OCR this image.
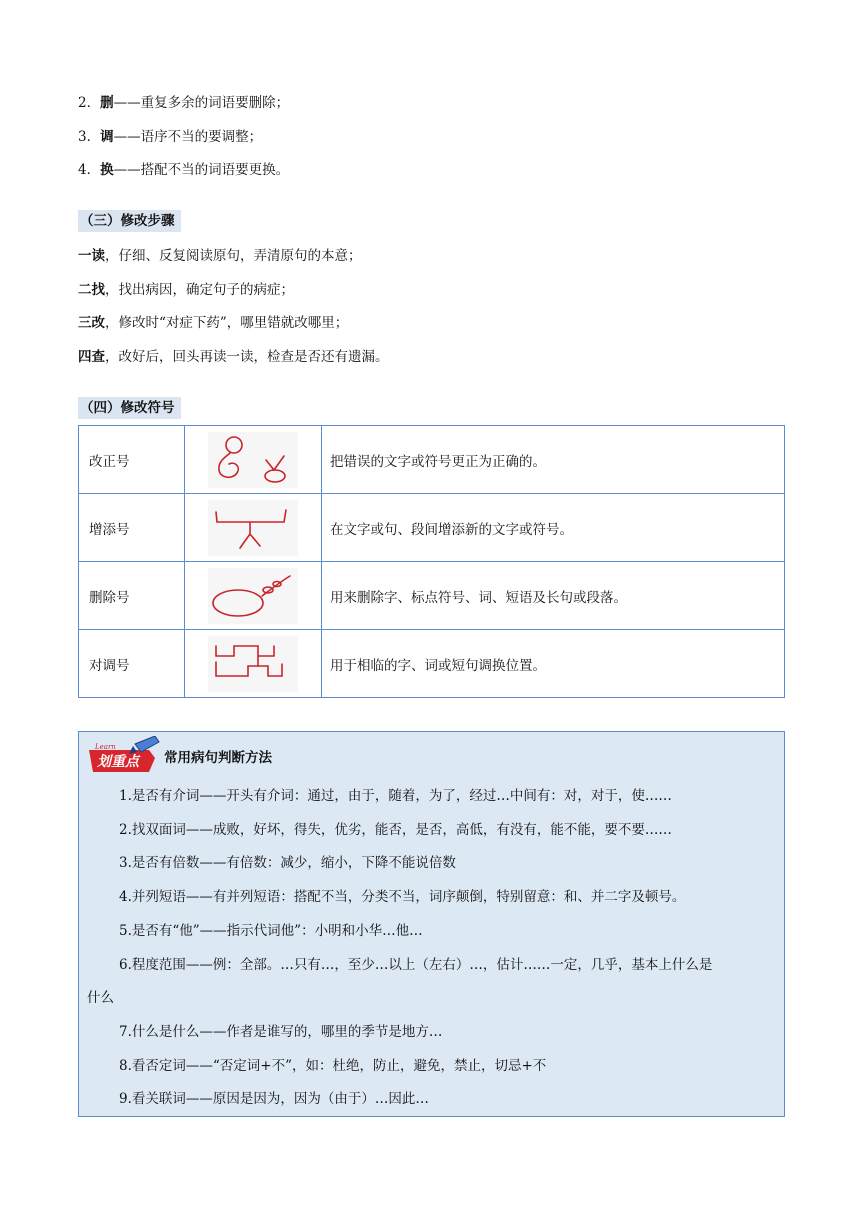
2．删——重复多余的词语要删除；
3．调——语序不当的要调整；
4．换——搭配不当的词语要更换。
（三）修改步骤
一读，仔细、反复阅读原句，弄清原句的本意；
二找，找出病因，确定句子的病症；
三改，修改时“对症下药”，哪里错就改哪里；
四查，改好后，回头再读一读，检查是否还有遗漏。
（四）修改符号
改正号		把错误的文字或符号更正为正确的。
增添号		在文字或句、段间增添新的文字或符号。
删除号		用来删除字、标点符号、词、短语及长句或段落。
对调号		用于相临的字、词或短句调换位置。
Learn
划重点 常用病句判断方法
1.是否有介词——开头有介词：通过，由于，随着，为了，经过…中间有：对，对于，使……
2.找双面词——成败，好坏，得失，优劣，能否，是否，高低，有没有，能不能，要不要……
3.是否有倍数——有倍数：减少，缩小，下降不能说倍数
4.并列短语——有并列短语：搭配不当，分类不当，词序颠倒，特别留意：和、并二字及顿号。
5.是否有“他”——指示代词他”：小明和小华…他…
6.程度范围——例：全部。…只有…，至少…以上（左右）…，估计……一定，几乎，基本上什么是
什么
7.什么是什么——作者是谁写的，哪里的季节是地方…
8.看否定词——“否定词+不”，如：杜绝，防止，避免，禁止，切忌+不
9.看关联词——原因是因为，因为（由于）…因此…
